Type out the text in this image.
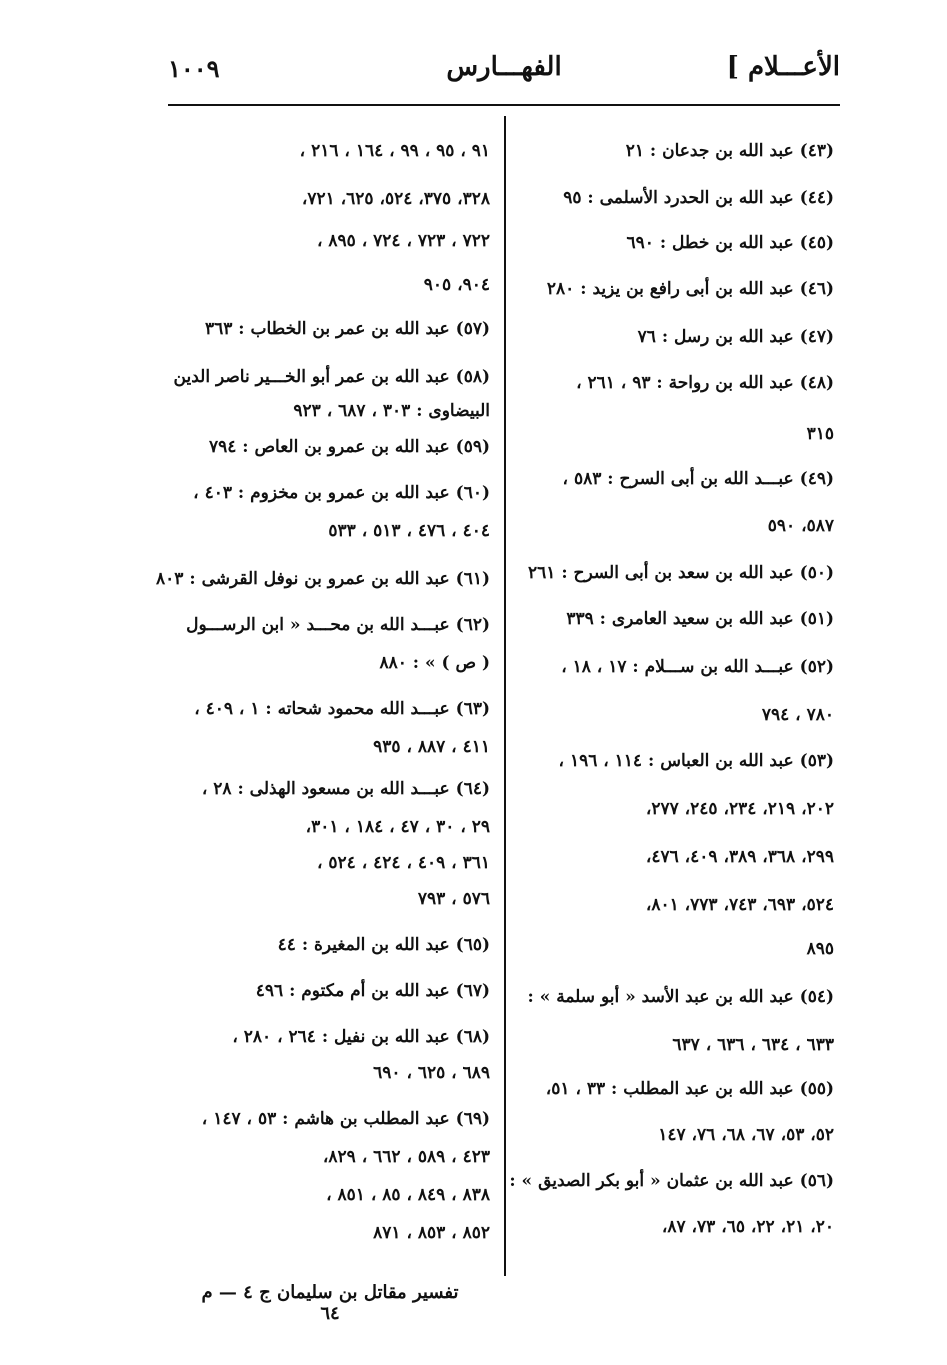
الأعـــلام ]
الفهـــارس
١٠٠٩
(٤٣)عبد الله بن جدعان : ٢١
(٤٤)عبد الله بن الحدرد الأسلمى : ٩٥
(٤٥)عبد الله بن خطل : ٦٩٠
(٤٦)عبد الله بن أبى رافع بن يزيد : ٢٨٠
(٤٧)عبد الله بن رسل : ٧٦
(٤٨)عبد الله بن رواحة : ٩٣ ، ٢٦١ ،
٣١٥
(٤٩)عبـــد الله بن أبى السرح : ٥٨٣ ،
٥٨٧، ٥٩٠
(٥٠)عبد الله بن سعد بن أبى السرح : ٢٦١
(٥١)عبد الله بن سعيد العامرى : ٣٣٩
(٥٢)عبـــد الله بن ســـلام : ١٧ ، ١٨ ،
٧٨٠ ، ٧٩٤
(٥٣)عبد الله بن العباس : ١١٤ ، ١٩٦ ،
٢٠٢، ٢١٩، ٢٣٤، ٢٤٥، ٢٧٧،
٢٩٩، ٣٦٨، ٣٨٩، ٤٠٩، ٤٧٦،
٥٢٤، ٦٩٣، ٧٤٣، ٧٧٣، ٨٠١،
٨٩٥
(٥٤)عبد الله بن عبد الأسد « أبو سلمة » :
٦٣٣ ، ٦٣٤ ، ٦٣٦ ، ٦٣٧
(٥٥)عبد الله بن عبد المطلب : ٣٣ ، ٥١،
٥٢، ٥٣، ٦٧، ٦٨، ٧٦، ١٤٧
(٥٦)عبد الله بن عثمان « أبو بكر الصديق » :
٢٠، ٢١، ٢٢، ٦٥، ٧٣، ٨٧،
٩١ ، ٩٥ ، ٩٩ ، ١٦٤ ، ٢١٦ ،
٣٢٨، ٣٧٥، ٥٢٤، ٦٢٥، ٧٢١،
٧٢٢ ، ٧٢٣ ، ٧٢٤ ، ٨٩٥ ،
٩٠٤، ٩٠٥
(٥٧)عبد الله بن عمر بن الخطاب : ٣٦٣
(٥٨)عبد الله بن عمر أبو الخـــير ناصر الدين
البيضاوى : ٣٠٣ ، ٦٨٧ ، ٩٢٣
(٥٩)عبد الله بن عمرو بن العاص : ٧٩٤
(٦٠)عبد الله بن عمرو بن مخزوم : ٤٠٣ ،
٤٠٤ ، ٤٧٦ ، ٥١٣ ، ٥٣٣
(٦١)عبد الله بن عمرو بن نوفل القرشى : ٨٠٣
(٦٢)عبـــد الله بن محـــد « ابن الرســـول
( ص ) » : ٨٨٠
(٦٣)عبـــد الله محمود شحاته : ١ ، ٤٠٩ ،
٤١١ ، ٨٨٧ ، ٩٣٥
(٦٤)عبـــد الله بن مسعود الهذلى : ٢٨ ،
٢٩ ، ٣٠ ، ٤٧ ، ١٨٤ ، ٣٠١،
٣٦١ ، ٤٠٩ ، ٤٢٤ ، ٥٢٤ ،
٥٧٦ ، ٧٩٣
(٦٥)عبد الله بن المغيرة : ٤٤
(٦٧)عبد الله بن أم مكتوم : ٤٩٦
(٦٨)عبد الله بن نفيل : ٢٦٤ ، ٢٨٠ ،
٦٨٩ ، ٦٢٥ ، ٦٩٠
(٦٩)عبد المطلب بن هاشم : ٥٣ ، ١٤٧ ،
٤٢٣ ، ٥٨٩ ، ٦٦٢ ، ٨٢٩،
٨٣٨ ، ٨٤٩ ، ٨٥ ، ٨٥١ ،
٨٥٢ ، ٨٥٣ ، ٨٧١
تفسير مقاتل بن سليمان ج ٤ — م ٦٤
